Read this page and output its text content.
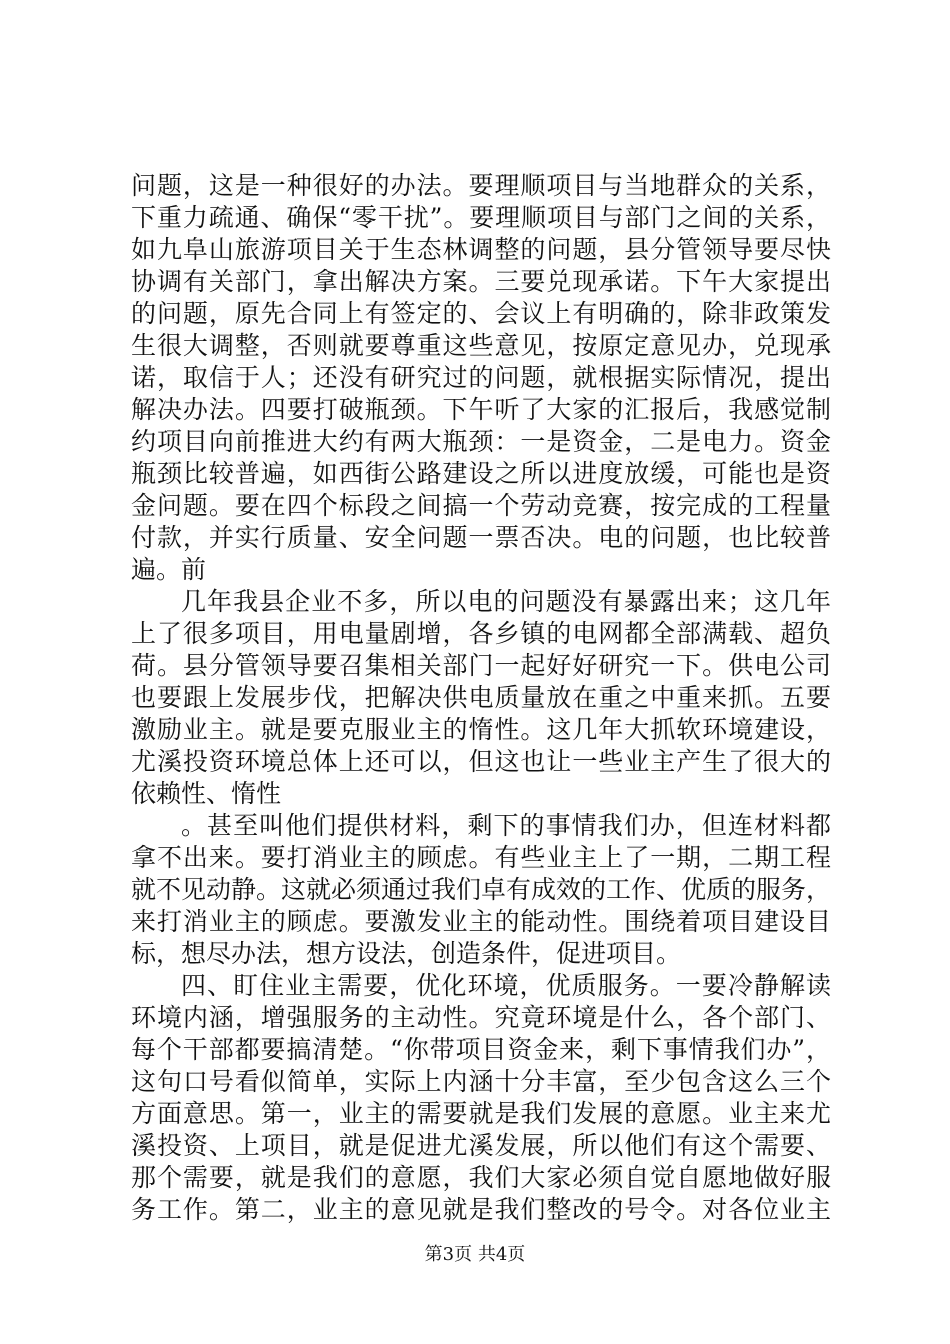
问题，这是一种很好的办法。要理顺项目与当地群众的关系，
下重力疏通、确保“零干扰”。要理顺项目与部门之间的关系，
如九阜山旅游项目关于生态林调整的问题，县分管领导要尽快
协调有关部门，拿出解决方案。三要兑现承诺。下午大家提出
的问题，原先合同上有签定的、会议上有明确的，除非政策发
生很大调整，否则就要尊重这些意见，按原定意见办，兑现承
诺，取信于人；还没有研究过的问题，就根据实际情况，提出
解决办法。四要打破瓶颈。下午听了大家的汇报后，我感觉制
约项目向前推进大约有两大瓶颈：一是资金，二是电力。资金
瓶颈比较普遍，如西街公路建设之所以进度放缓，可能也是资
金问题。要在四个标段之间搞一个劳动竞赛，按完成的工程量
付款，并实行质量、安全问题一票否决。电的问题，也比较普
遍。前
几年我县企业不多，所以电的问题没有暴露出来；这几年
上了很多项目，用电量剧增，各乡镇的电网都全部满载、超负
荷。县分管领导要召集相关部门一起好好研究一下。供电公司
也要跟上发展步伐，把解决供电质量放在重之中重来抓。五要
激励业主。就是要克服业主的惰性。这几年大抓软环境建设，
尤溪投资环境总体上还可以，但这也让一些业主产生了很大的
依赖性、惰性
。甚至叫他们提供材料，剩下的事情我们办，但连材料都
拿不出来。要打消业主的顾虑。有些业主上了一期，二期工程
就不见动静。这就必须通过我们卓有成效的工作、优质的服务，
来打消业主的顾虑。要激发业主的能动性。围绕着项目建设目
标，想尽办法，想方设法，创造条件，促进项目。
四、盯住业主需要，优化环境，优质服务。一要冷静解读
环境内涵，增强服务的主动性。究竟环境是什么，各个部门、
每个干部都要搞清楚。“你带项目资金来，剩下事情我们办”，
这句口号看似简单，实际上内涵十分丰富，至少包含这么三个
方面意思。第一，业主的需要就是我们发展的意愿。业主来尤
溪投资、上项目，就是促进尤溪发展，所以他们有这个需要、
那个需要，就是我们的意愿，我们大家必须自觉自愿地做好服
务工作。第二，业主的意见就是我们整改的号令。对各位业主
第3页 共4页
